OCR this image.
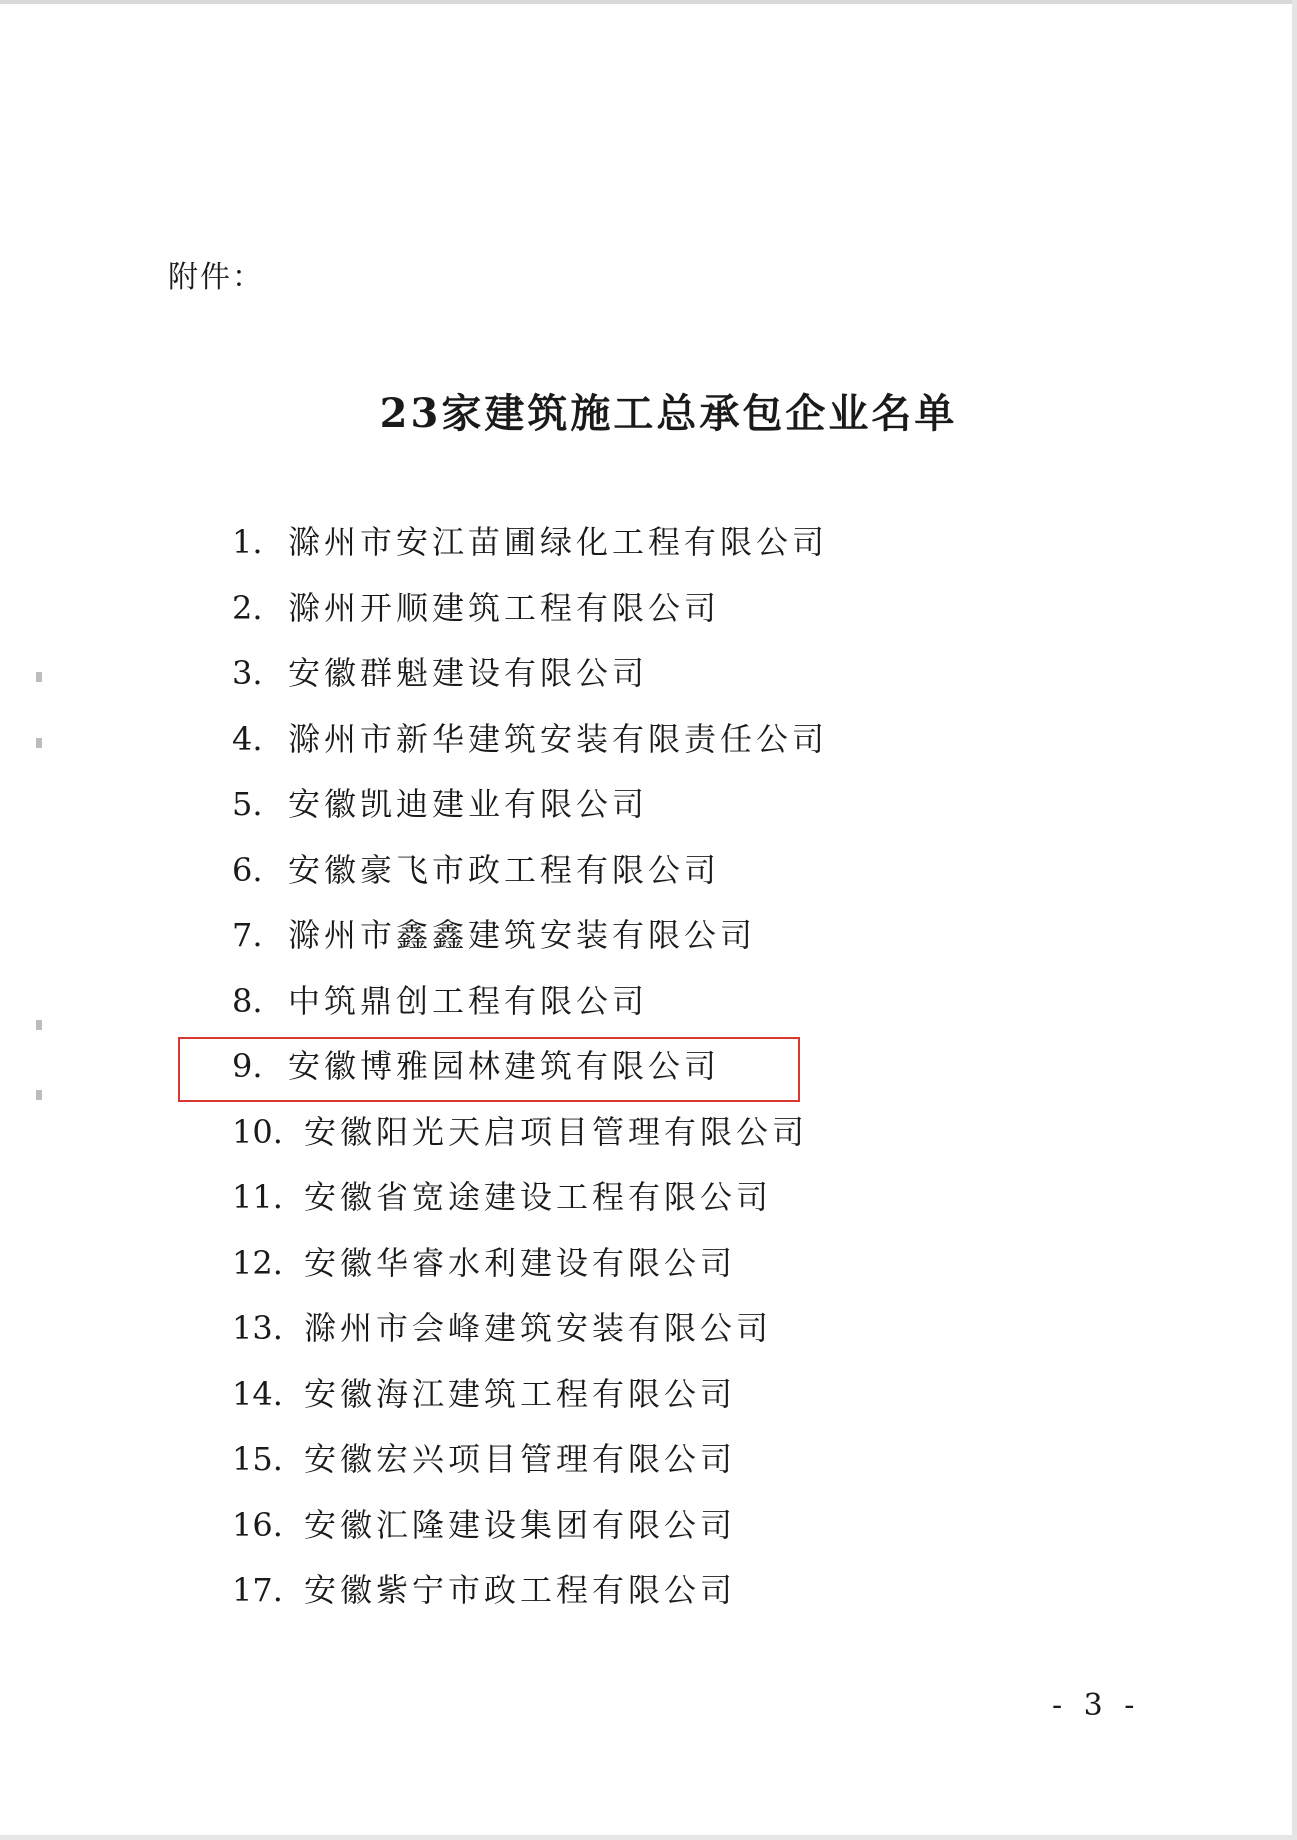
附件：
23家建筑施工总承包企业名单
1. 滁州市安江苗圃绿化工程有限公司
2. 滁州开顺建筑工程有限公司
3. 安徽群魁建设有限公司
4. 滁州市新华建筑安装有限责任公司
5. 安徽凯迪建业有限公司
6. 安徽豪飞市政工程有限公司
7. 滁州市鑫鑫建筑安装有限公司
8. 中筑鼎创工程有限公司
9. 安徽博雅园林建筑有限公司
10. 安徽阳光天启项目管理有限公司
11. 安徽省宽途建设工程有限公司
12. 安徽华睿水利建设有限公司
13. 滁州市会峰建筑安装有限公司
14. 安徽海江建筑工程有限公司
15. 安徽宏兴项目管理有限公司
16. 安徽汇隆建设集团有限公司
17. 安徽紫宁市政工程有限公司
- 3 -
